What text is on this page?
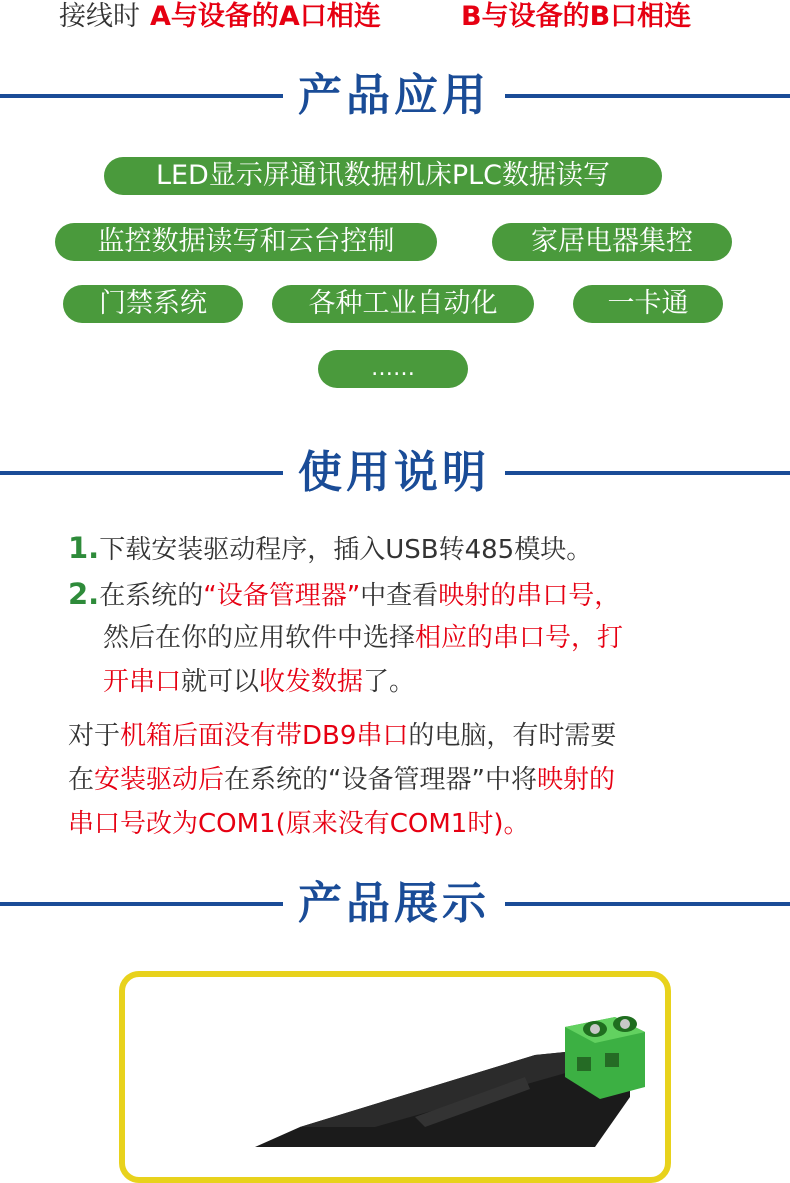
接线时 A与设备的A口相连	B与设备的B口相连
产品应用
LED显示屏通讯数据机床PLC数据读写
监控数据读写和云台控制	家居电器集控
门禁系统	各种工业自动化	一卡通
……
使用说明
1.下载安装驱动程序，插入USB转485模块。
2.在系统的“设备管理器”中查看映射的串口号，
然后在你的应用软件中选择相应的串口号，打
开串口就可以收发数据了。
对于机箱后面没有带DB9串口的电脑，有时需要
在安装驱动后在系统的“设备管理器”中将映射的
串口号改为COM1(原来没有COM1时)。
产品展示
